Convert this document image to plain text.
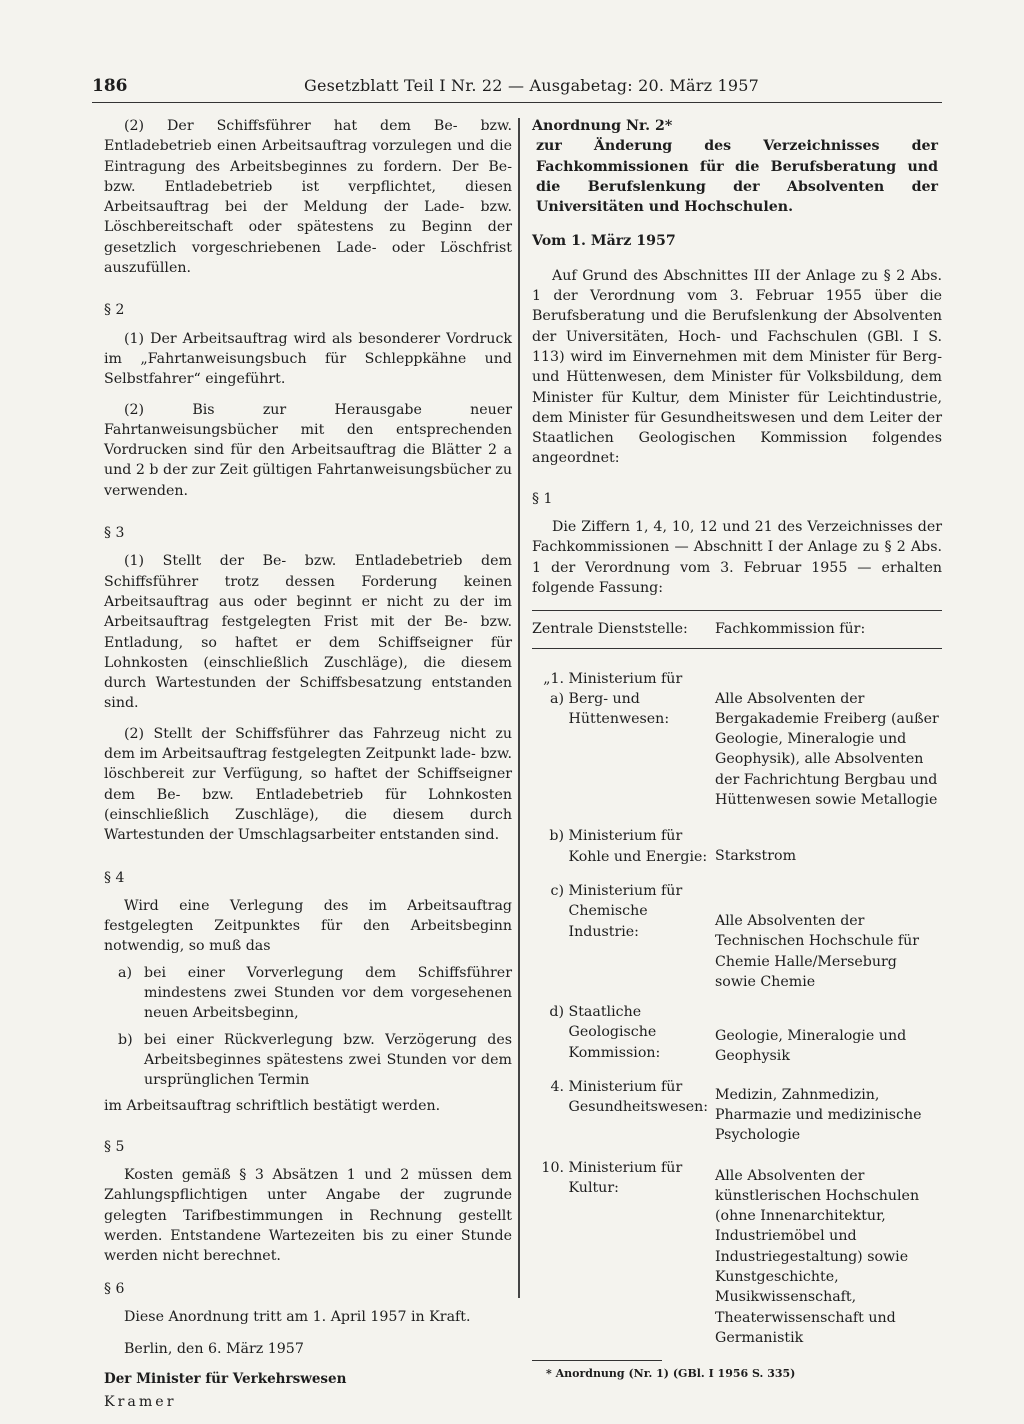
186	Gesetzblatt Teil I Nr. 22 — Ausgabetag: 20. März 1957

(2) Der Schiffsführer hat dem Be- bzw. Entladebetrieb einen Arbeitsauftrag vorzulegen und die Eintragung des Arbeitsbeginnes zu fordern. Der Be- bzw. Entladebetrieb ist verpflichtet, diesen Arbeitsauftrag bei der Meldung der Lade- bzw. Löschbereitschaft oder spätestens zu Beginn der gesetzlich vorgeschriebenen Lade- oder Löschfrist auszufüllen.

§ 2

(1) Der Arbeitsauftrag wird als besonderer Vordruck im „Fahrtanweisungsbuch für Schleppkähne und Selbstfahrer“ eingeführt.

(2) Bis zur Herausgabe neuer Fahrtanweisungsbücher mit den entsprechenden Vordrucken sind für den Arbeitsauftrag die Blätter 2 a und 2 b der zur Zeit gültigen Fahrtanweisungsbücher zu verwenden.

§ 3

(1) Stellt der Be- bzw. Entladebetrieb dem Schiffsführer trotz dessen Forderung keinen Arbeitsauftrag aus oder beginnt er nicht zu der im Arbeitsauftrag festgelegten Frist mit der Be- bzw. Entladung, so haftet er dem Schiffseigner für Lohnkosten (einschließlich Zuschläge), die diesem durch Wartestunden der Schiffsbesatzung entstanden sind.

(2) Stellt der Schiffsführer das Fahrzeug nicht zu dem im Arbeitsauftrag festgelegten Zeitpunkt lade- bzw. löschbereit zur Verfügung, so haftet der Schiffseigner dem Be- bzw. Entladebetrieb für Lohnkosten (einschließlich Zuschläge), die diesem durch Wartestunden der Umschlagsarbeiter entstanden sind.

§ 4

Wird eine Verlegung des im Arbeitsauftrag festgelegten Zeitpunktes für den Arbeitsbeginn notwendig, so muß das

a) bei einer Vorverlegung dem Schiffsführer mindestens zwei Stunden vor dem vorgesehenen neuen Arbeitsbeginn,
b) bei einer Rückverlegung bzw. Verzögerung des Arbeitsbeginnes spätestens zwei Stunden vor dem ursprünglichen Termin

im Arbeitsauftrag schriftlich bestätigt werden.

§ 5

Kosten gemäß § 3 Absätzen 1 und 2 müssen dem Zahlungspflichtigen unter Angabe der zugrunde gelegten Tarifbestimmungen in Rechnung gestellt werden. Entstandene Wartezeiten bis zu einer Stunde werden nicht berechnet.

§ 6

Diese Anordnung tritt am 1. April 1957 in Kraft.

Berlin, den 6. März 1957

Der Minister für Verkehrswesen

Kramer

Anordnung Nr. 2*

zur Änderung des Verzeichnisses der Fachkommissionen für die Berufsberatung und die Berufslenkung der Absolventen der Universitäten und Hochschulen.

Vom 1. März 1957

Auf Grund des Abschnittes III der Anlage zu § 2 Abs. 1 der Verordnung vom 3. Februar 1955 über die Berufsberatung und die Berufslenkung der Absolventen der Universitäten, Hoch- und Fachschulen (GBl. I S. 113) wird im Einvernehmen mit dem Minister für Berg- und Hüttenwesen, dem Minister für Volksbildung, dem Minister für Kultur, dem Minister für Leichtindustrie, dem Minister für Gesundheitswesen und dem Leiter der Staatlichen Geologischen Kommission folgendes angeordnet:

§ 1

Die Ziffern 1, 4, 10, 12 und 21 des Verzeichnisses der Fachkommissionen — Abschnitt I der Anlage zu § 2 Abs. 1 der Verordnung vom 3. Februar 1955 — erhalten folgende Fassung:

Zentrale Dienststelle:	Fachkommission für:
„1. a) Ministerium für Berg- und Hüttenwesen:
Alle Absolventen der Bergakademie Freiberg (außer Geologie, Mineralogie und Geophysik), alle Absolventen der Fachrichtung Bergbau und Hüttenwesen sowie Metallogie
b) Ministerium für Kohle und Energie: Starkstrom
c) Ministerium für Chemische Industrie:
Alle Absolventen der Technischen Hochschule für Chemie Halle/Merseburg sowie Chemie
d) Staatliche Geologische Kommission:
Geologie, Mineralogie und Geophysik
4. Ministerium für Gesundheitswesen:
Medizin, Zahnmedizin, Pharmazie und medizinische Psychologie
10. Ministerium für Kultur:
Alle Absolventen der künstlerischen Hochschulen (ohne Innenarchitektur, Industriemöbel und Industriegestaltung) sowie Kunstgeschichte, Musikwissenschaft, Theaterwissenschaft und Germanistik

* Anordnung (Nr. 1) (GBl. I 1956 S. 335)
